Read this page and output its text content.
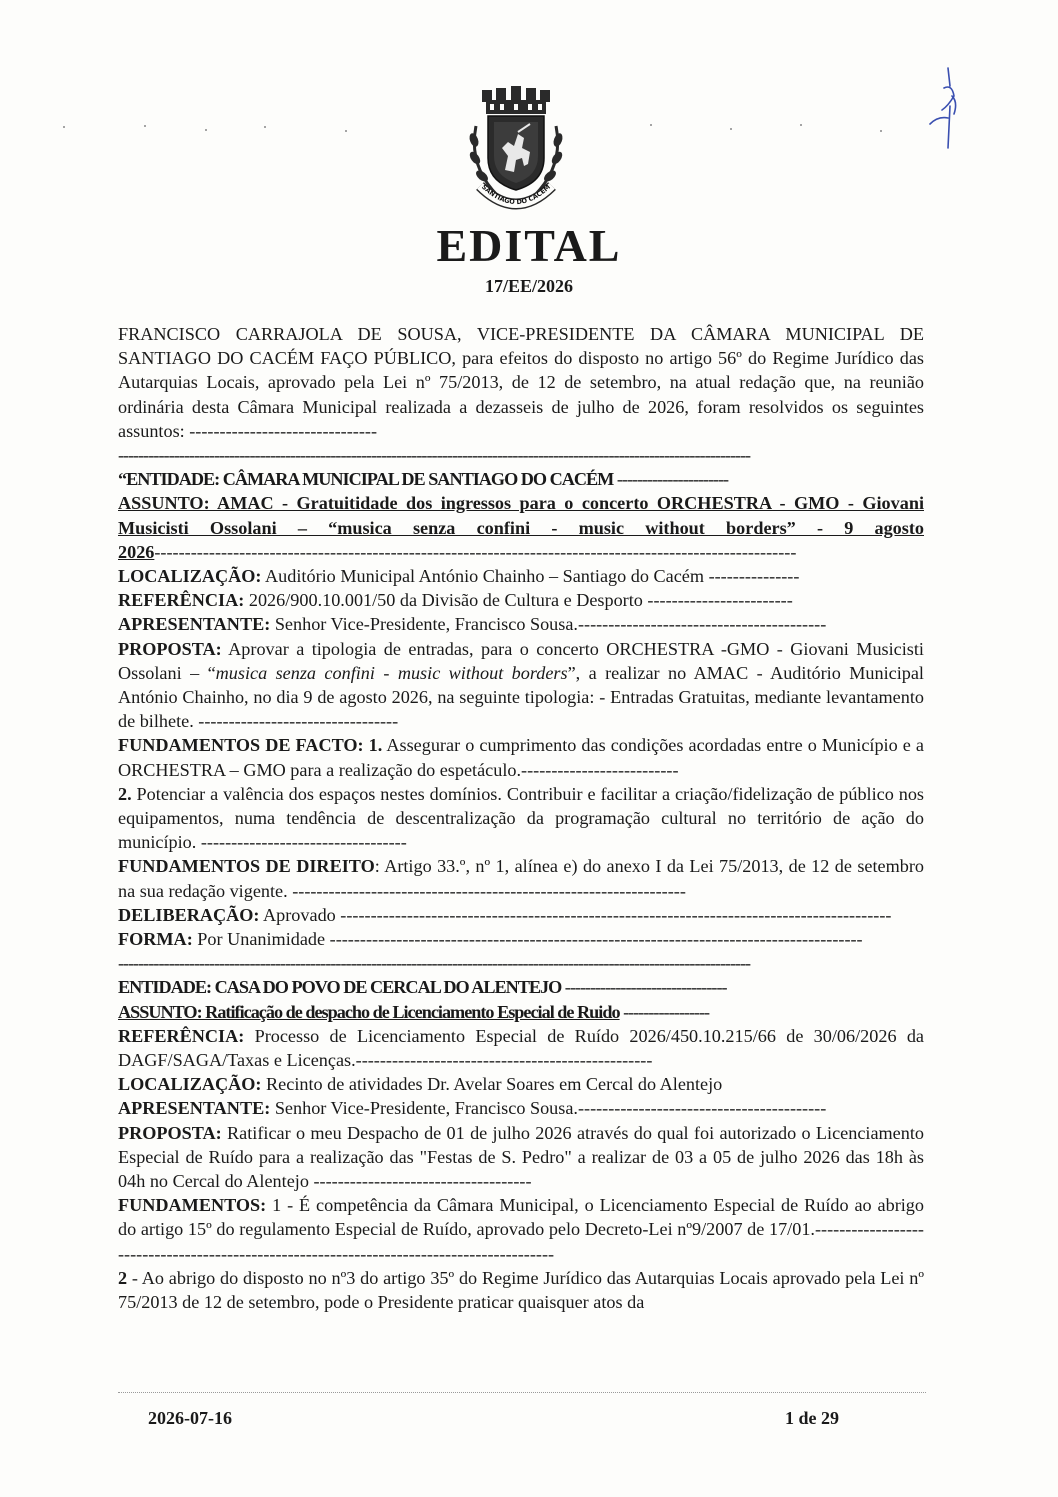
SANTIAGO DO CACÉM
EDITAL
17/EE/2026

FRANCISCO CARRAJOLA DE SOUSA, VICE-PRESIDENTE DA CÂMARA MUNICIPAL DE SANTIAGO DO CACÉM FAÇO PÚBLICO, para efeitos do disposto no artigo 56º do Regime Jurídico das Autarquias Locais, aprovado pela Lei nº 75/2013, de 12 de setembro, na atual redação que, na reunião ordinária desta Câmara Municipal realizada a dezasseis de julho de 2026, foram resolvidos os seguintes assuntos: -------------------------------

-----------------------------------------------------------------------------------------------------------------------------
“ENTIDADE: CÂMARA MUNICIPAL DE SANTIAGO DO CACÉM ----------------------

ASSUNTO: AMAC - Gratuitidade dos ingressos para o concerto ORCHESTRA - GMO - Giovani Musicisti Ossolani – “musica senza confini - music without borders” - 9 agosto 2026----------------------------------------------------------------------------------------------------------

LOCALIZAÇÃO: Auditório Municipal António Chainho – Santiago do Cacém ---------------

REFERÊNCIA: 2026/900.10.001/50 da Divisão de Cultura e Desporto ------------------------

APRESENTANTE: Senhor Vice-Presidente, Francisco Sousa.-----------------------------------------

PROPOSTA: Aprovar a tipologia de entradas, para o concerto ORCHESTRA -GMO - Giovani Musicisti Ossolani – “musica senza confini - music without borders”, a realizar no AMAC - Auditório Municipal António Chainho, no dia 9 de agosto 2026, na seguinte tipologia: - Entradas Gratuitas, mediante levantamento de bilhete. ---------------------------------

FUNDAMENTOS DE FACTO: 1. Assegurar o cumprimento das condições acordadas entre o Município e a ORCHESTRA – GMO para a realização do espetáculo.--------------------------

2. Potenciar a valência dos espaços nestes domínios. Contribuir e facilitar a criação/fidelização de público nos equipamentos, numa tendência de descentralização da programação cultural no território de ação do município. ----------------------------------

FUNDAMENTOS DE DIREITO: Artigo 33.º, nº 1, alínea e) do anexo I da Lei 75/2013, de 12 de setembro na sua redação vigente. -----------------------------------------------------------------

DELIBERAÇÃO: Aprovado -------------------------------------------------------------------------------------------

FORMA: Por Unanimidade ----------------------------------------------------------------------------------------

-----------------------------------------------------------------------------------------------------------------------------
ENTIDADE: CASA DO POVO DE CERCAL DO ALENTEJO --------------------------------
ASSUNTO: Ratificação de despacho de Licenciamento Especial de Ruido -----------------

REFERÊNCIA: Processo de Licenciamento Especial de Ruído 2026/450.10.215/66 de 30/06/2026 da DAGF/SAGA/Taxas e Licenças.-------------------------------------------------

LOCALIZAÇÃO: Recinto de atividades Dr. Avelar Soares em Cercal do Alentejo

APRESENTANTE: Senhor Vice-Presidente, Francisco Sousa.-----------------------------------------

PROPOSTA: Ratificar o meu Despacho de 01 de julho 2026 através do qual foi autorizado o Licenciamento Especial de Ruído para a realização das "Festas de S. Pedro" a realizar de 03 a 05 de julho 2026 das 18h às 04h no Cercal do Alentejo ------------------------------------

FUNDAMENTOS: 1 - É competência da Câmara Municipal, o Licenciamento Especial de Ruído ao abrigo do artigo 15º do regulamento Especial de Ruído, aprovado pelo Decreto-Lei nº9/2007 de 17/01.------------------------------------------------------------------------------------------

2 - Ao abrigo do disposto no nº3 do artigo 35º do Regime Jurídico das Autarquias Locais aprovado pela Lei nº 75/2013 de 12 de setembro, pode o Presidente praticar quaisquer atos da

2026-07-16	1 de 29
